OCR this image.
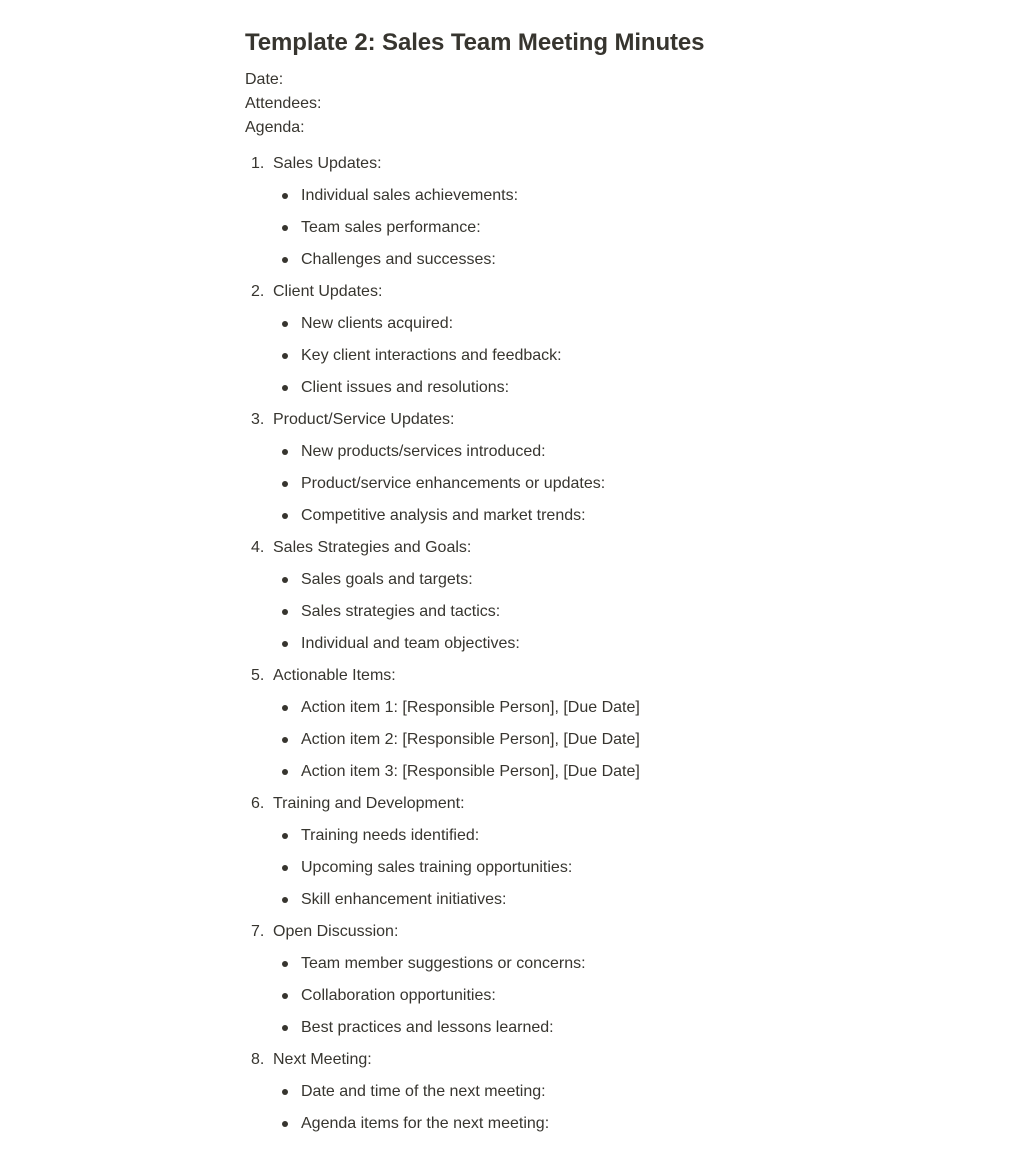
Template 2: Sales Team Meeting Minutes
Date:
Attendees:
Agenda:
1. Sales Updates:
Individual sales achievements:
Team sales performance:
Challenges and successes:
2. Client Updates:
New clients acquired:
Key client interactions and feedback:
Client issues and resolutions:
3. Product/Service Updates:
New products/services introduced:
Product/service enhancements or updates:
Competitive analysis and market trends:
4. Sales Strategies and Goals:
Sales goals and targets:
Sales strategies and tactics:
Individual and team objectives:
5. Actionable Items:
Action item 1: [Responsible Person], [Due Date]
Action item 2: [Responsible Person], [Due Date]
Action item 3: [Responsible Person], [Due Date]
6. Training and Development:
Training needs identified:
Upcoming sales training opportunities:
Skill enhancement initiatives:
7. Open Discussion:
Team member suggestions or concerns:
Collaboration opportunities:
Best practices and lessons learned:
8. Next Meeting:
Date and time of the next meeting:
Agenda items for the next meeting:
